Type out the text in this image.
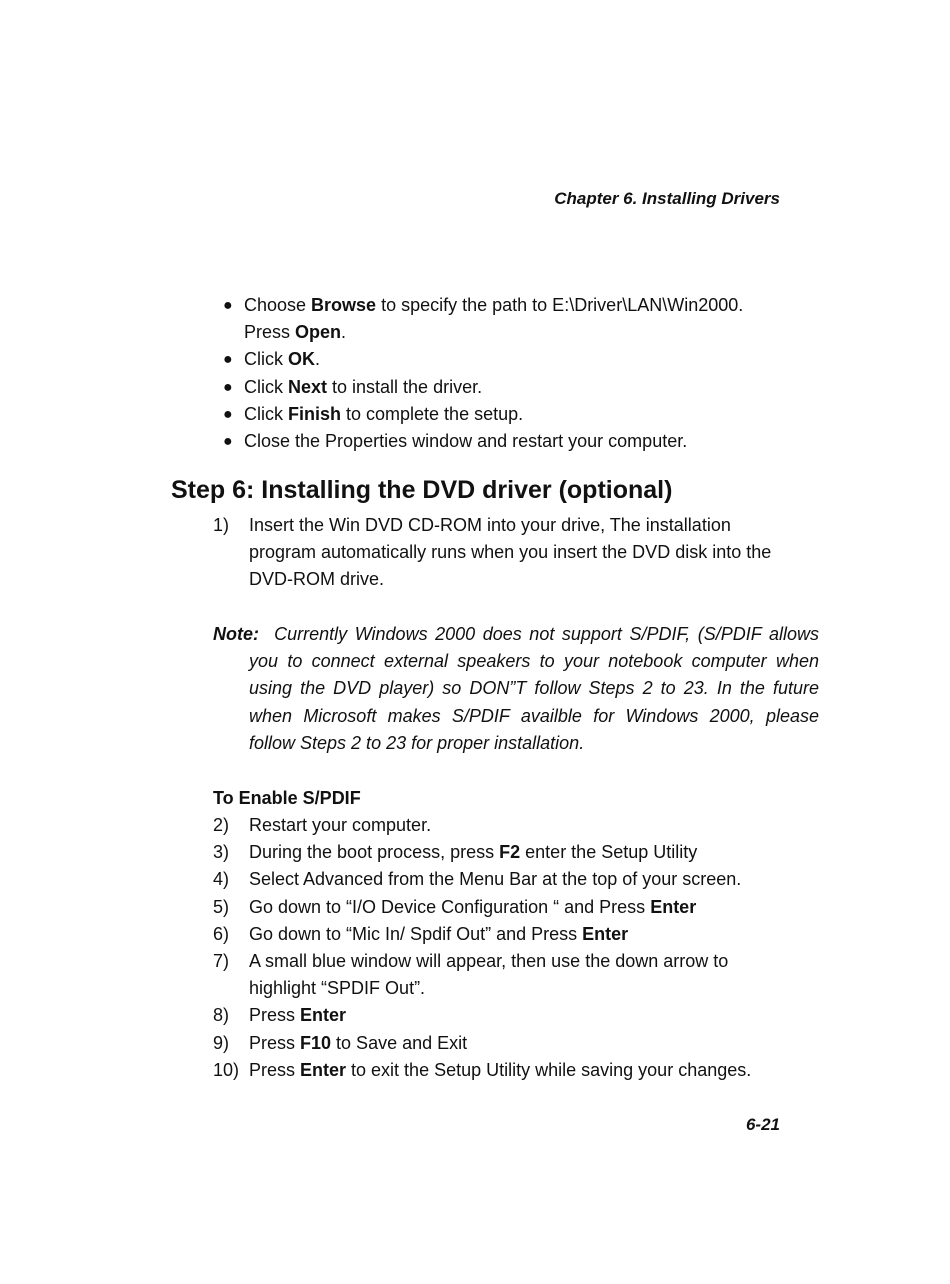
Chapter 6. Installing Drivers
● Choose Browse to specify the path to E:\Driver\LAN\Win2000. Press Open.
● Click OK.
● Click Next to install the driver.
● Click Finish to complete the setup.
● Close the Properties window and restart your computer.
Step 6: Installing the DVD driver (optional)
1) Insert the Win DVD CD-ROM into your drive, The installation program automatically runs when you insert the DVD disk into the DVD-ROM drive.

Note: Currently Windows 2000 does not support S/PDIF, (S/PDIF allows you to connect external speakers to your notebook computer when using the DVD player) so DON”T follow Steps 2 to 23. In the future when Microsoft makes S/PDIF availble for Windows 2000, please follow Steps 2 to 23 for proper installation.

To Enable S/PDIF
2) Restart your computer.
3) During the boot process, press F2 enter the Setup Utility
4) Select Advanced from the Menu Bar at the top of your screen.
5) Go down to “I/O Device Configuration “ and Press Enter
6) Go down to “Mic In/ Spdif Out” and Press Enter
7) A small blue window will appear, then use the down arrow to highlight “SPDIF Out”.
8) Press Enter
9) Press F10 to Save and Exit
10) Press Enter to exit the Setup Utility while saving your changes.
6-21
